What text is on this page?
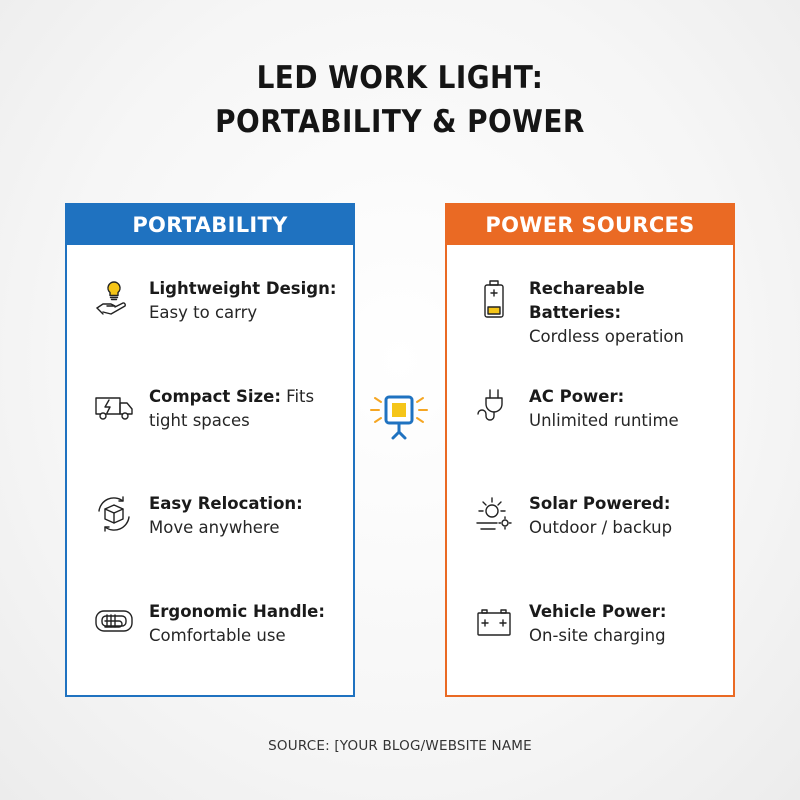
LED WORK LIGHT:
PORTABILITY & POWER
PORTABILITY
Lightweight Design:
Easy to carry
Compact Size: Fits tight spaces
Easy Relocation:
Move anywhere
Ergonomic Handle:
Comfortable use
POWER SOURCES
Rechareable Batteries:
Cordless operation
AC Power:
Unlimited runtime
Solar Powered:
Outdoor / backup
Vehicle Power:
On-site charging
SOURCE: [YOUR BLOG/WEBSITE NAME
